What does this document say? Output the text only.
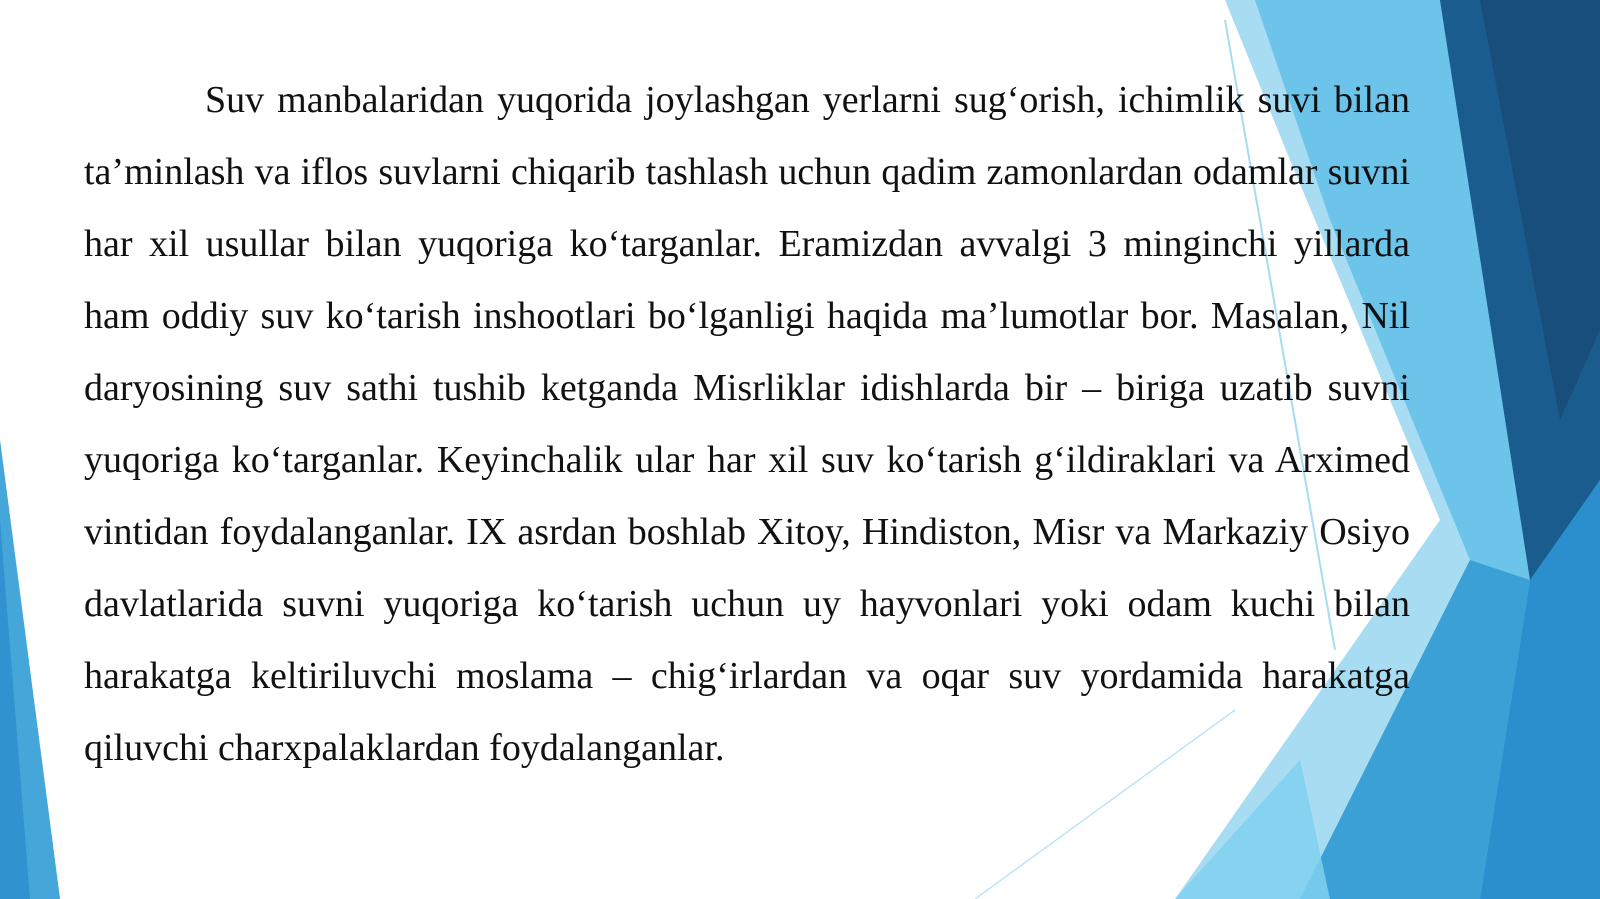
Suv manbalaridan yuqorida joylashgan yerlarni sug‘orish, ichimlik suvi bilan ta’minlash va iflos suvlarni chiqarib tashlash uchun qadim zamonlardan odamlar suvni har xil usullar bilan yuqoriga ko‘targanlar. Eramizdan avvalgi 3 minginchi yillarda ham oddiy suv ko‘tarish inshootlari bo‘lganligi haqida ma’lumotlar bor. Masalan, Nil daryosining suv sathi tushib ketganda Misrliklar idishlarda bir – biriga uzatib suvni yuqoriga ko‘targanlar. Keyinchalik ular har xil suv ko‘tarish g‘ildiraklari va Arximed vintidan foydalanganlar. IX asrdan boshlab Xitoy, Hindiston, Misr va Markaziy Osiyo davlatlarida suvni yuqoriga ko‘tarish uchun uy hayvonlari yoki odam kuchi bilan harakatga keltiriluvchi moslama – chig‘irlardan va oqar suv yordamida harakatga qiluvchi charxpalaklardan foydalanganlar.
